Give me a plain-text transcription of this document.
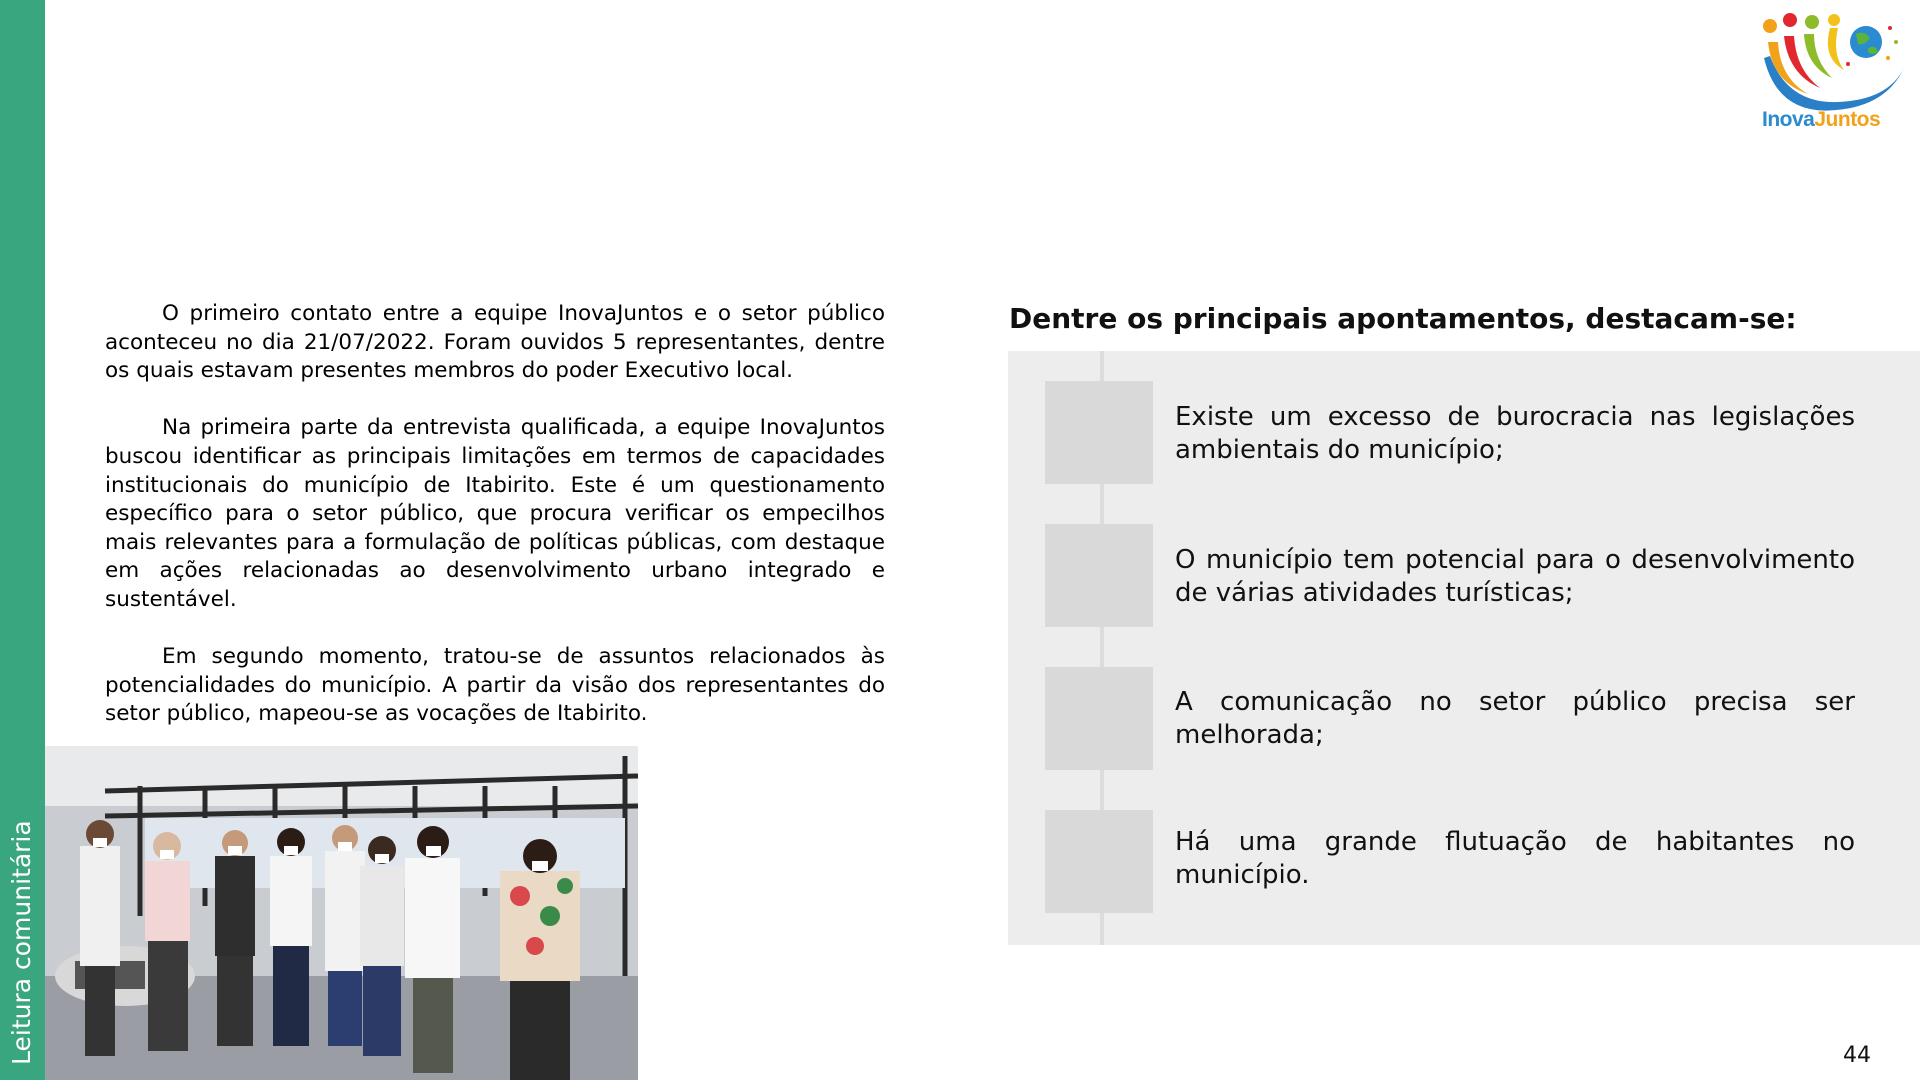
Leitura comunitária
InovaJuntos

O primeiro contato entre a equipe InovaJuntos e o setor público aconteceu no dia 21/07/2022. Foram ouvidos 5 representantes, dentre os quais estavam presentes membros do poder Executivo local.

Na primeira parte da entrevista qualificada, a equipe InovaJuntos buscou identificar as principais limitações em termos de capacidades institucionais do município de Itabirito. Este é um questionamento específico para o setor público, que procura verificar os empecilhos mais relevantes para a formulação de políticas públicas, com destaque em ações relacionadas ao desenvolvimento urbano integrado e sustentável.

Em segundo momento, tratou-se de assuntos relacionados às potencialidades do município. A partir da visão dos representantes do setor público, mapeou-se as vocações de Itabirito.

Dentre os principais apontamentos, destacam-se:
Existe um excesso de burocracia nas legislações ambientais do município;
O município tem potencial para o desenvolvimento de várias atividades turísticas;
A comunicação no setor público precisa ser melhorada;
Há uma grande flutuação de habitantes no município.
44
